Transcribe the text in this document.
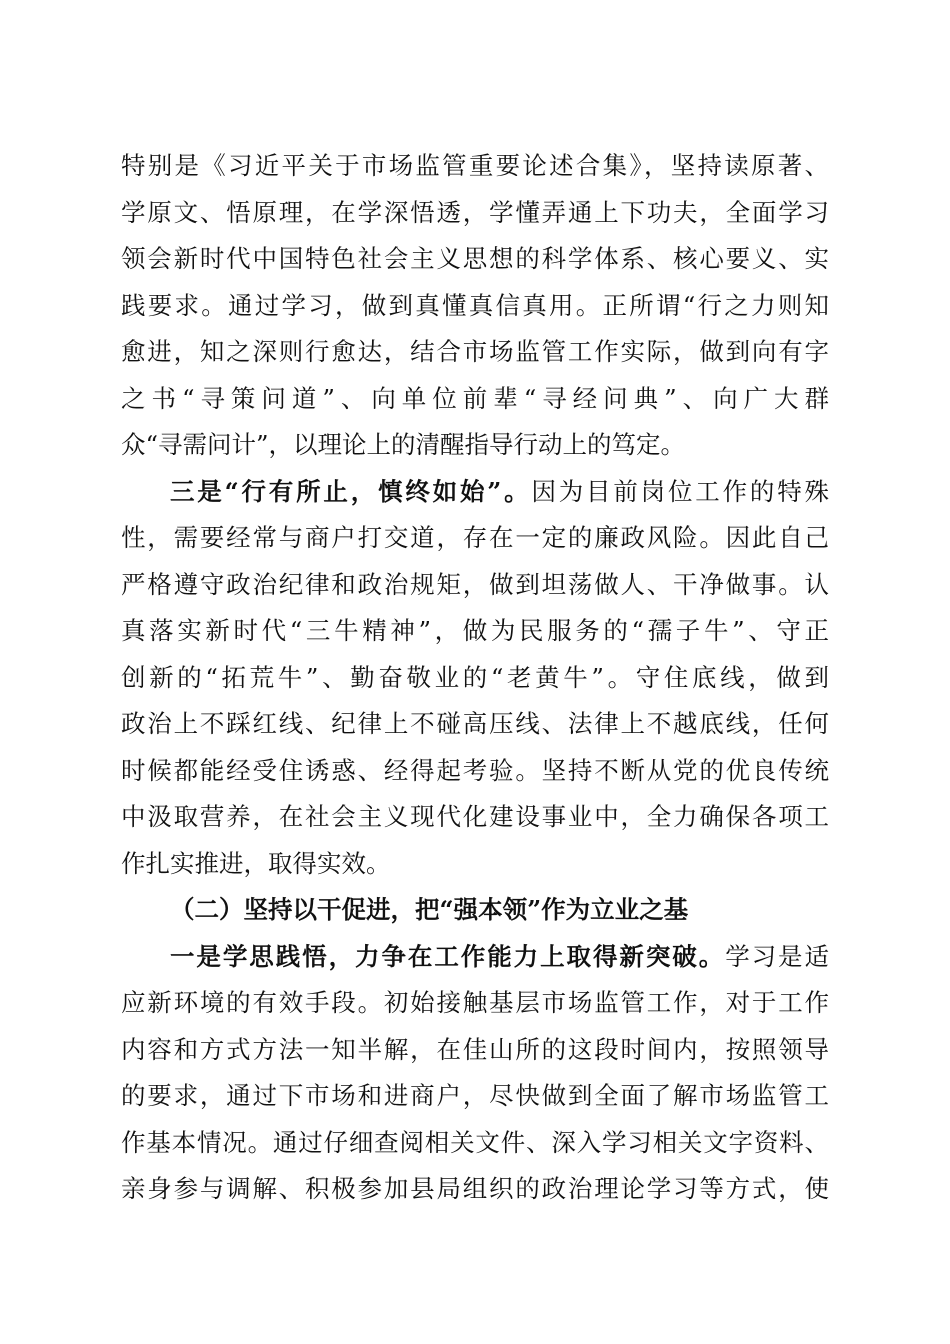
特别是《习近平关于市场监管重要论述合集》，坚持读原著、
学原文、悟原理，在学深悟透，学懂弄通上下功夫，全面学习
领会新时代中国特色社会主义思想的科学体系、核心要义、实
践要求。通过学习，做到真懂真信真用。正所谓“行之力则知
愈进，知之深则行愈达，结合市场监管工作实际，做到向有字
之书“寻策问道”、向单位前辈“寻经问典”、向广大群
众“寻需问计”，以理论上的清醒指导行动上的笃定。
三是“行有所止，慎终如始”。因为目前岗位工作的特殊
性，需要经常与商户打交道，存在一定的廉政风险。因此自己
严格遵守政治纪律和政治规矩，做到坦荡做人、干净做事。认
真落实新时代“三牛精神”，做为民服务的“孺子牛”、守正
创新的“拓荒牛”、勤奋敬业的“老黄牛”。守住底线，做到
政治上不踩红线、纪律上不碰高压线、法律上不越底线，任何
时候都能经受住诱惑、经得起考验。坚持不断从党的优良传统
中汲取营养，在社会主义现代化建设事业中，全力确保各项工
作扎实推进，取得实效。
（二）坚持以干促进，把“强本领”作为立业之基
一是学思践悟，力争在工作能力上取得新突破。学习是适
应新环境的有效手段。初始接触基层市场监管工作，对于工作
内容和方式方法一知半解，在佳山所的这段时间内，按照领导
的要求，通过下市场和进商户，尽快做到全面了解市场监管工
作基本情况。通过仔细查阅相关文件、深入学习相关文字资料、
亲身参与调解、积极参加县局组织的政治理论学习等方式，使
